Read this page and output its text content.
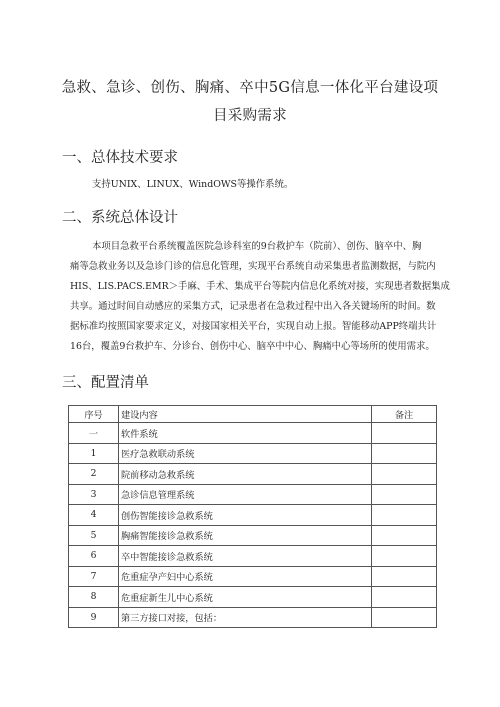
急救、急诊、创伤、胸痛、卒中5G信息一体化平台建设项
目采购需求
一、总体技术要求
支持UNIX、LINUX、WindOWS等操作系统。
二、系统总体设计
本项目急救平台系统覆盖医院急诊科室的9台救护车（院前）、创伤、脑卒中、胸
痛等急救业务以及急诊门诊的信息化管理，实现平台系统自动采集患者监测数据，与院内
HIS、LIS.PACS.EMR＞手麻、手术、集成平台等院内信息化系统对接，实现患者数据集成
共享。通过时间自动感应的采集方式，记录患者在急救过程中出入各关键场所的时间。数
据标准均按照国家要求定义，对接国家相关平台，实现自动上报。智能移动APP终端共计
16台，覆盖9台救护车、分诊台、创伤中心、脑卒中中心、胸痛中心等场所的使用需求。
三、配置清单
序号	建设内容	备注
一	软件系统	
1	医疗急救联动系统	
2	院前移动急救系统	
3	急诊信息管理系统	
4	创伤智能接诊急救系统	
5	胸痛智能接诊急救系统	
6	卒中智能接诊急救系统	
7	危重症孕产妇中心系统	
8	危重症新生儿中心系统	
9	第三方接口对接，包括：	
